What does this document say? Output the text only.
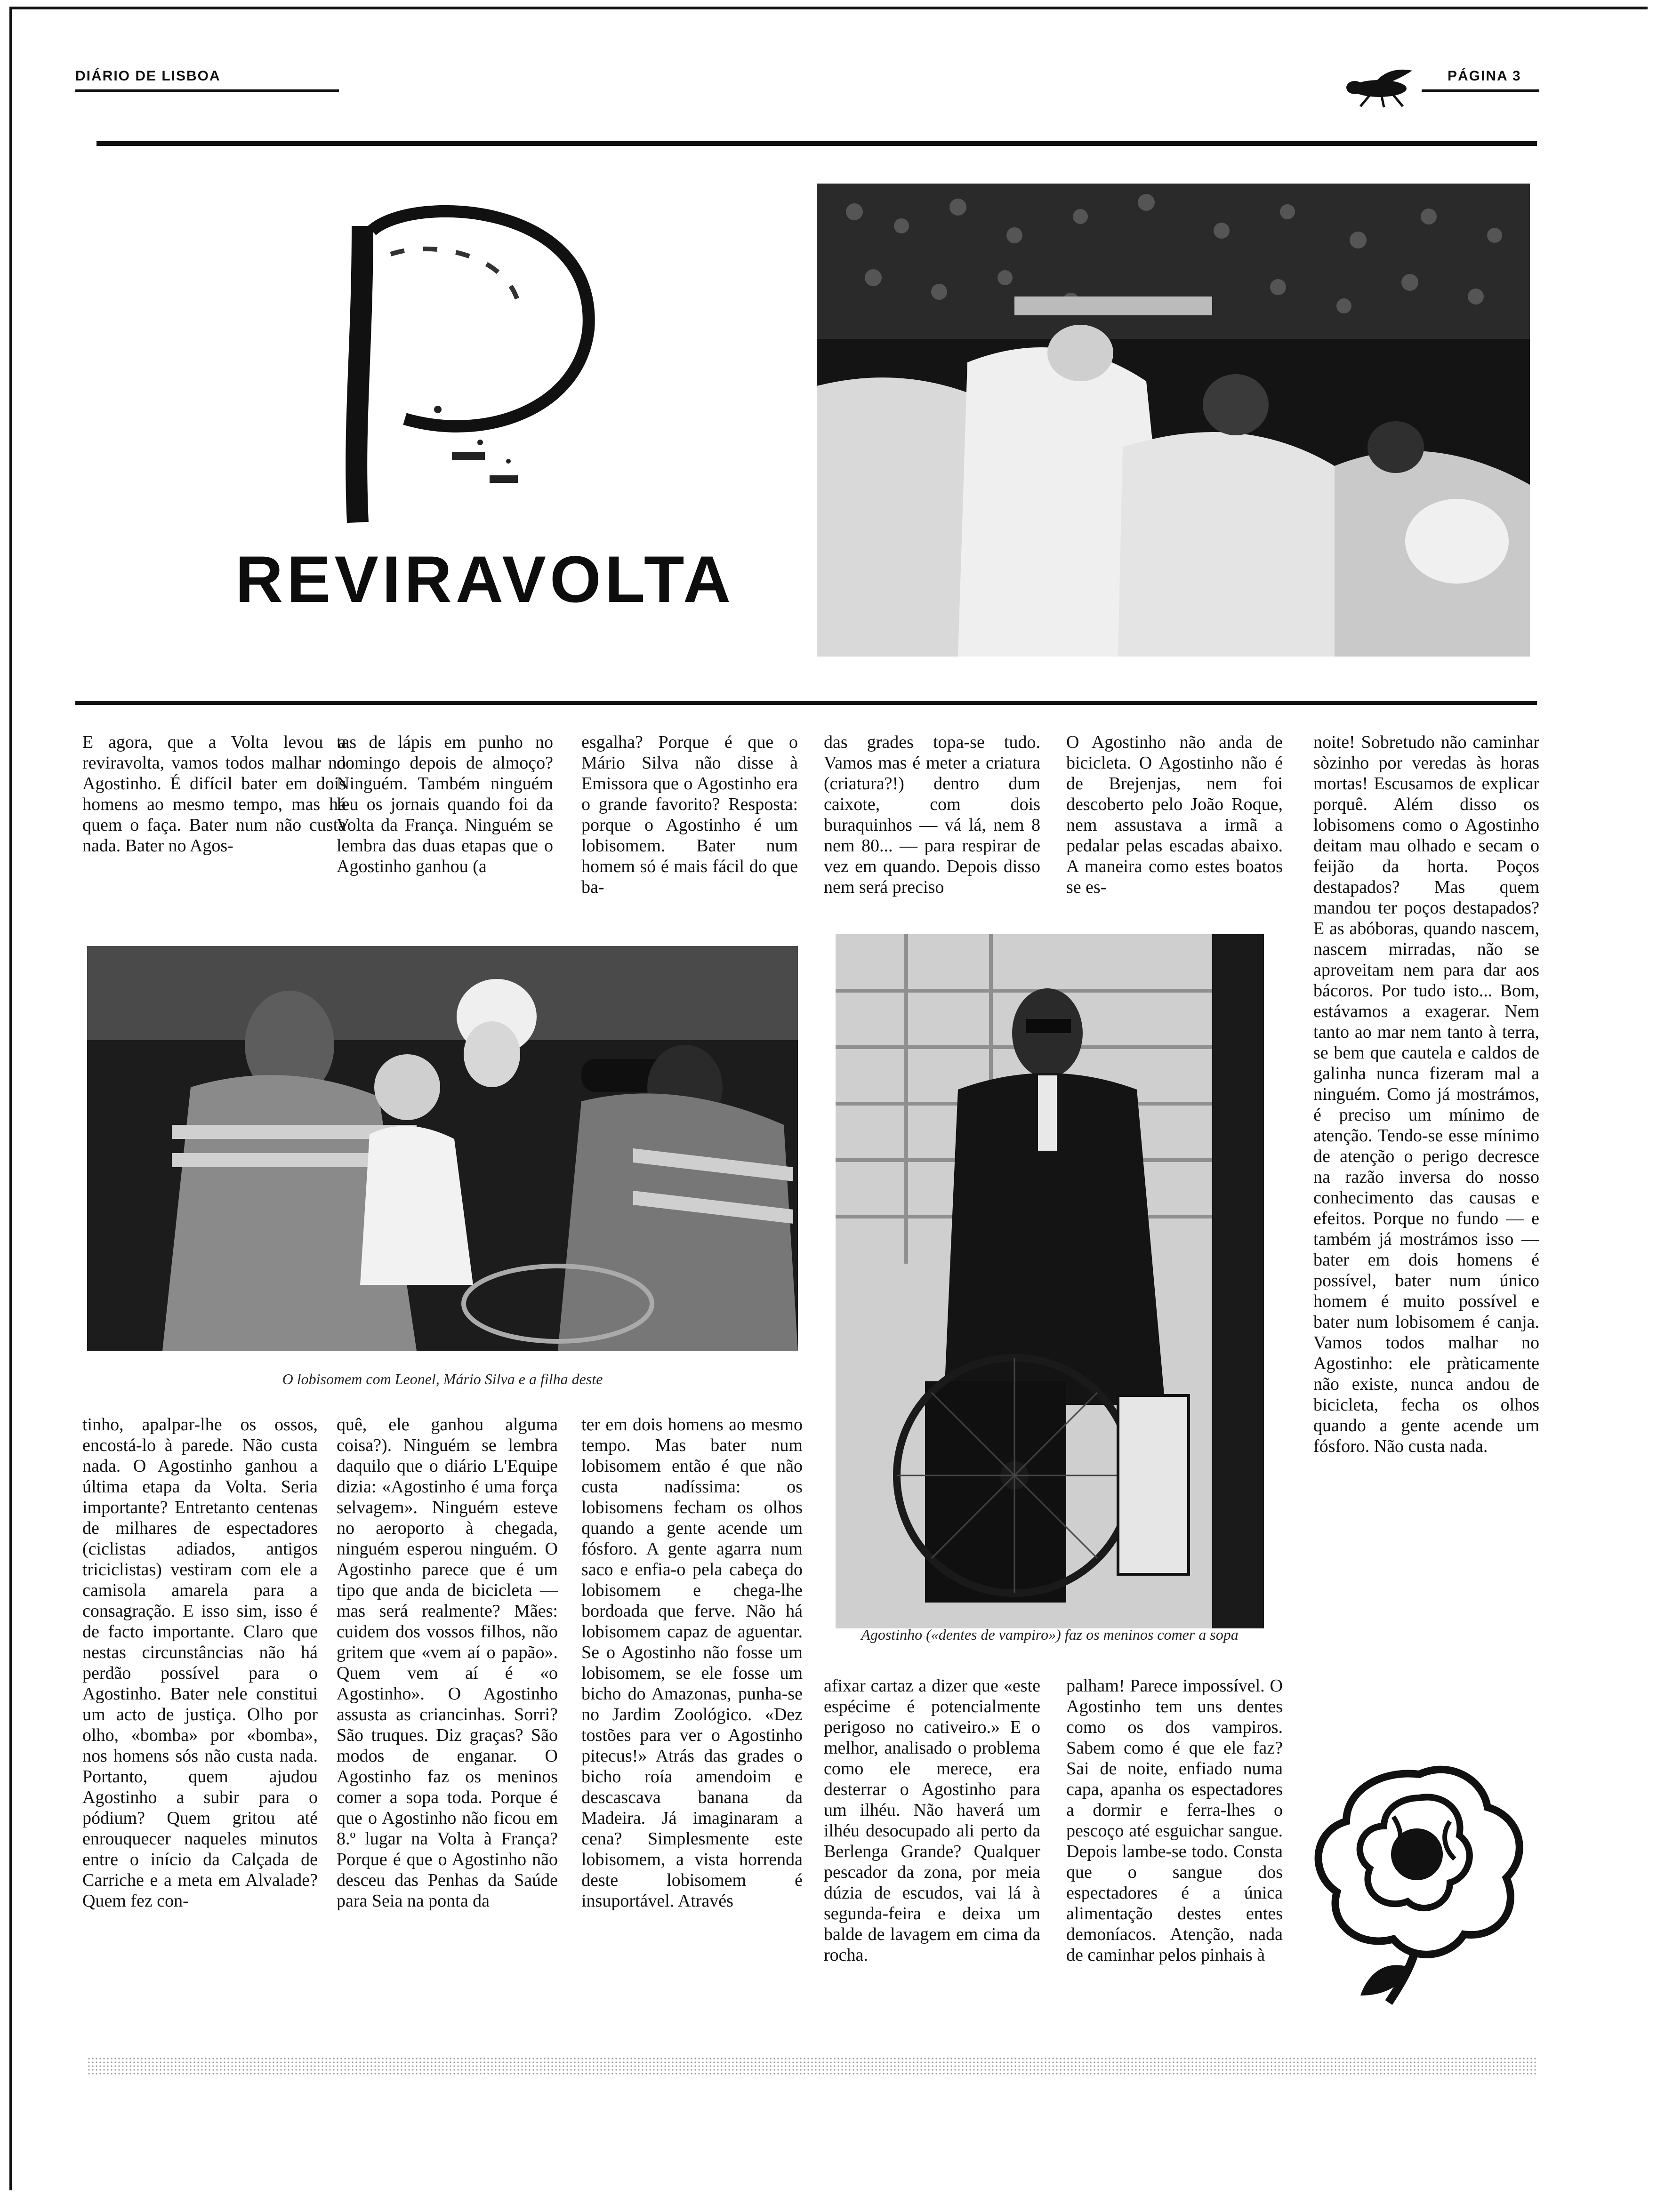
DIÁRIO DE LISBOA	PÁGINA 3
REVIRAVOLTA
E agora, que a Volta levou a reviravolta, vamos todos malhar no Agostinho. É difícil bater em dois homens ao mesmo tempo, mas há quem o faça. Bater num não custa nada. Bater no Agos-
tas de lápis em punho no domingo depois de almoço? Ninguém. Também ninguém leu os jornais quando foi da Volta da França. Ninguém se lembra das duas etapas que o Agostinho ganhou (a
esgalha? Porque é que o Mário Silva não disse à Emissora que o Agostinho era o grande favorito? Resposta: porque o Agostinho é um lobisomem. Bater num homem só é mais fácil do que ba-
das grades topa-se tudo. Vamos mas é meter a criatura (criatura?!) dentro dum caixote, com dois buraquinhos — vá lá, nem 8 nem 80... — para respirar de vez em quando. Depois disso nem será preciso
O Agostinho não anda de bicicleta. O Agostinho não é de Brejenjas, nem foi descoberto pelo João Roque, nem assustava a irmã a pedalar pelas escadas abaixo. A maneira como estes boatos se es-
noite! Sobretudo não caminhar sòzinho por veredas às horas mortas! Escusamos de explicar porquê. Além disso os lobisomens como o Agostinho deitam mau olhado e secam o feijão da horta. Poços destapados? Mas quem mandou ter poços destapados? E as abóboras, quando nascem, nascem mirradas, não se aproveitam nem para dar aos bácoros. Por tudo isto... Bom, estávamos a exagerar. Nem tanto ao mar nem tanto à terra, se bem que cautela e caldos de galinha nunca fizeram mal a ninguém. Como já mostrámos, é preciso um mínimo de atenção. Tendo-se esse mínimo de atenção o perigo decresce na razão inversa do nosso conhecimento das causas e efeitos. Porque no fundo — e também já mostrámos isso — bater em dois homens é possível, bater num único homem é muito possível e bater num lobisomem é canja. Vamos todos malhar no Agostinho: ele pràticamente não existe, nunca andou de bicicleta, fecha os olhos quando a gente acende um fósforo. Não custa nada.
O lobisomem com Leonel, Mário Silva e a filha deste
Agostinho («dentes de vampiro») faz os meninos comer a sopa
tinho, apalpar-lhe os ossos, encostá-lo à parede. Não custa nada. O Agostinho ganhou a última etapa da Volta. Seria importante? Entretanto centenas de milhares de espectadores (ciclistas adiados, antigos triciclistas) vestiram com ele a camisola amarela para a consagração. E isso sim, isso é de facto importante. Claro que nestas circunstâncias não há perdão possível para o Agostinho. Bater nele constitui um acto de justiça. Olho por olho, «bomba» por «bomba», nos homens sós não custa nada. Portanto, quem ajudou Agostinho a subir para o pódium? Quem gritou até enrouquecer naqueles minutos entre o início da Calçada de Carriche e a meta em Alvalade? Quem fez con-
quê, ele ganhou alguma coisa?). Ninguém se lembra daquilo que o diário L'Equipe dizia: «Agostinho é uma força selvagem». Ninguém esteve no aeroporto à chegada, ninguém esperou ninguém. O Agostinho parece que é um tipo que anda de bicicleta — mas será realmente? Mães: cuidem dos vossos filhos, não gritem que «vem aí o papão». Quem vem aí é «o Agostinho». O Agostinho assusta as criancinhas. Sorri? São truques. Diz graças? São modos de enganar. O Agostinho faz os meninos comer a sopa toda. Porque é que o Agostinho não ficou em 8.º lugar na Volta à França? Porque é que o Agostinho não desceu das Penhas da Saúde para Seia na ponta da
ter em dois homens ao mesmo tempo. Mas bater num lobisomem então é que não custa nadíssima: os lobisomens fecham os olhos quando a gente acende um fósforo. A gente agarra num saco e enfia-o pela cabeça do lobisomem e chega-lhe bordoada que ferve. Não há lobisomem capaz de aguentar. Se o Agostinho não fosse um lobisomem, se ele fosse um bicho do Amazonas, punha-se no Jardim Zoológico. «Dez tostões para ver o Agostinho pitecus!» Atrás das grades o bicho roía amendoim e descascava banana da Madeira. Já imaginaram a cena? Simplesmente este lobisomem, a vista horrenda deste lobisomem é insuportável. Através
afixar cartaz a dizer que «este espécime é potencialmente perigoso no cativeiro.» E o melhor, analisado o problema como ele merece, era desterrar o Agostinho para um ilhéu. Não haverá um ilhéu desocupado ali perto da Berlenga Grande? Qualquer pescador da zona, por meia dúzia de escudos, vai lá à segunda-feira e deixa um balde de lavagem em cima da rocha.
palham! Parece impossível. O Agostinho tem uns dentes como os dos vampiros. Sabem como é que ele faz? Sai de noite, enfiado numa capa, apanha os espectadores a dormir e ferra-lhes o pescoço até esguichar sangue. Depois lambe-se todo. Consta que o sangue dos espectadores é a única alimentação destes entes demoníacos. Atenção, nada de caminhar pelos pinhais à
